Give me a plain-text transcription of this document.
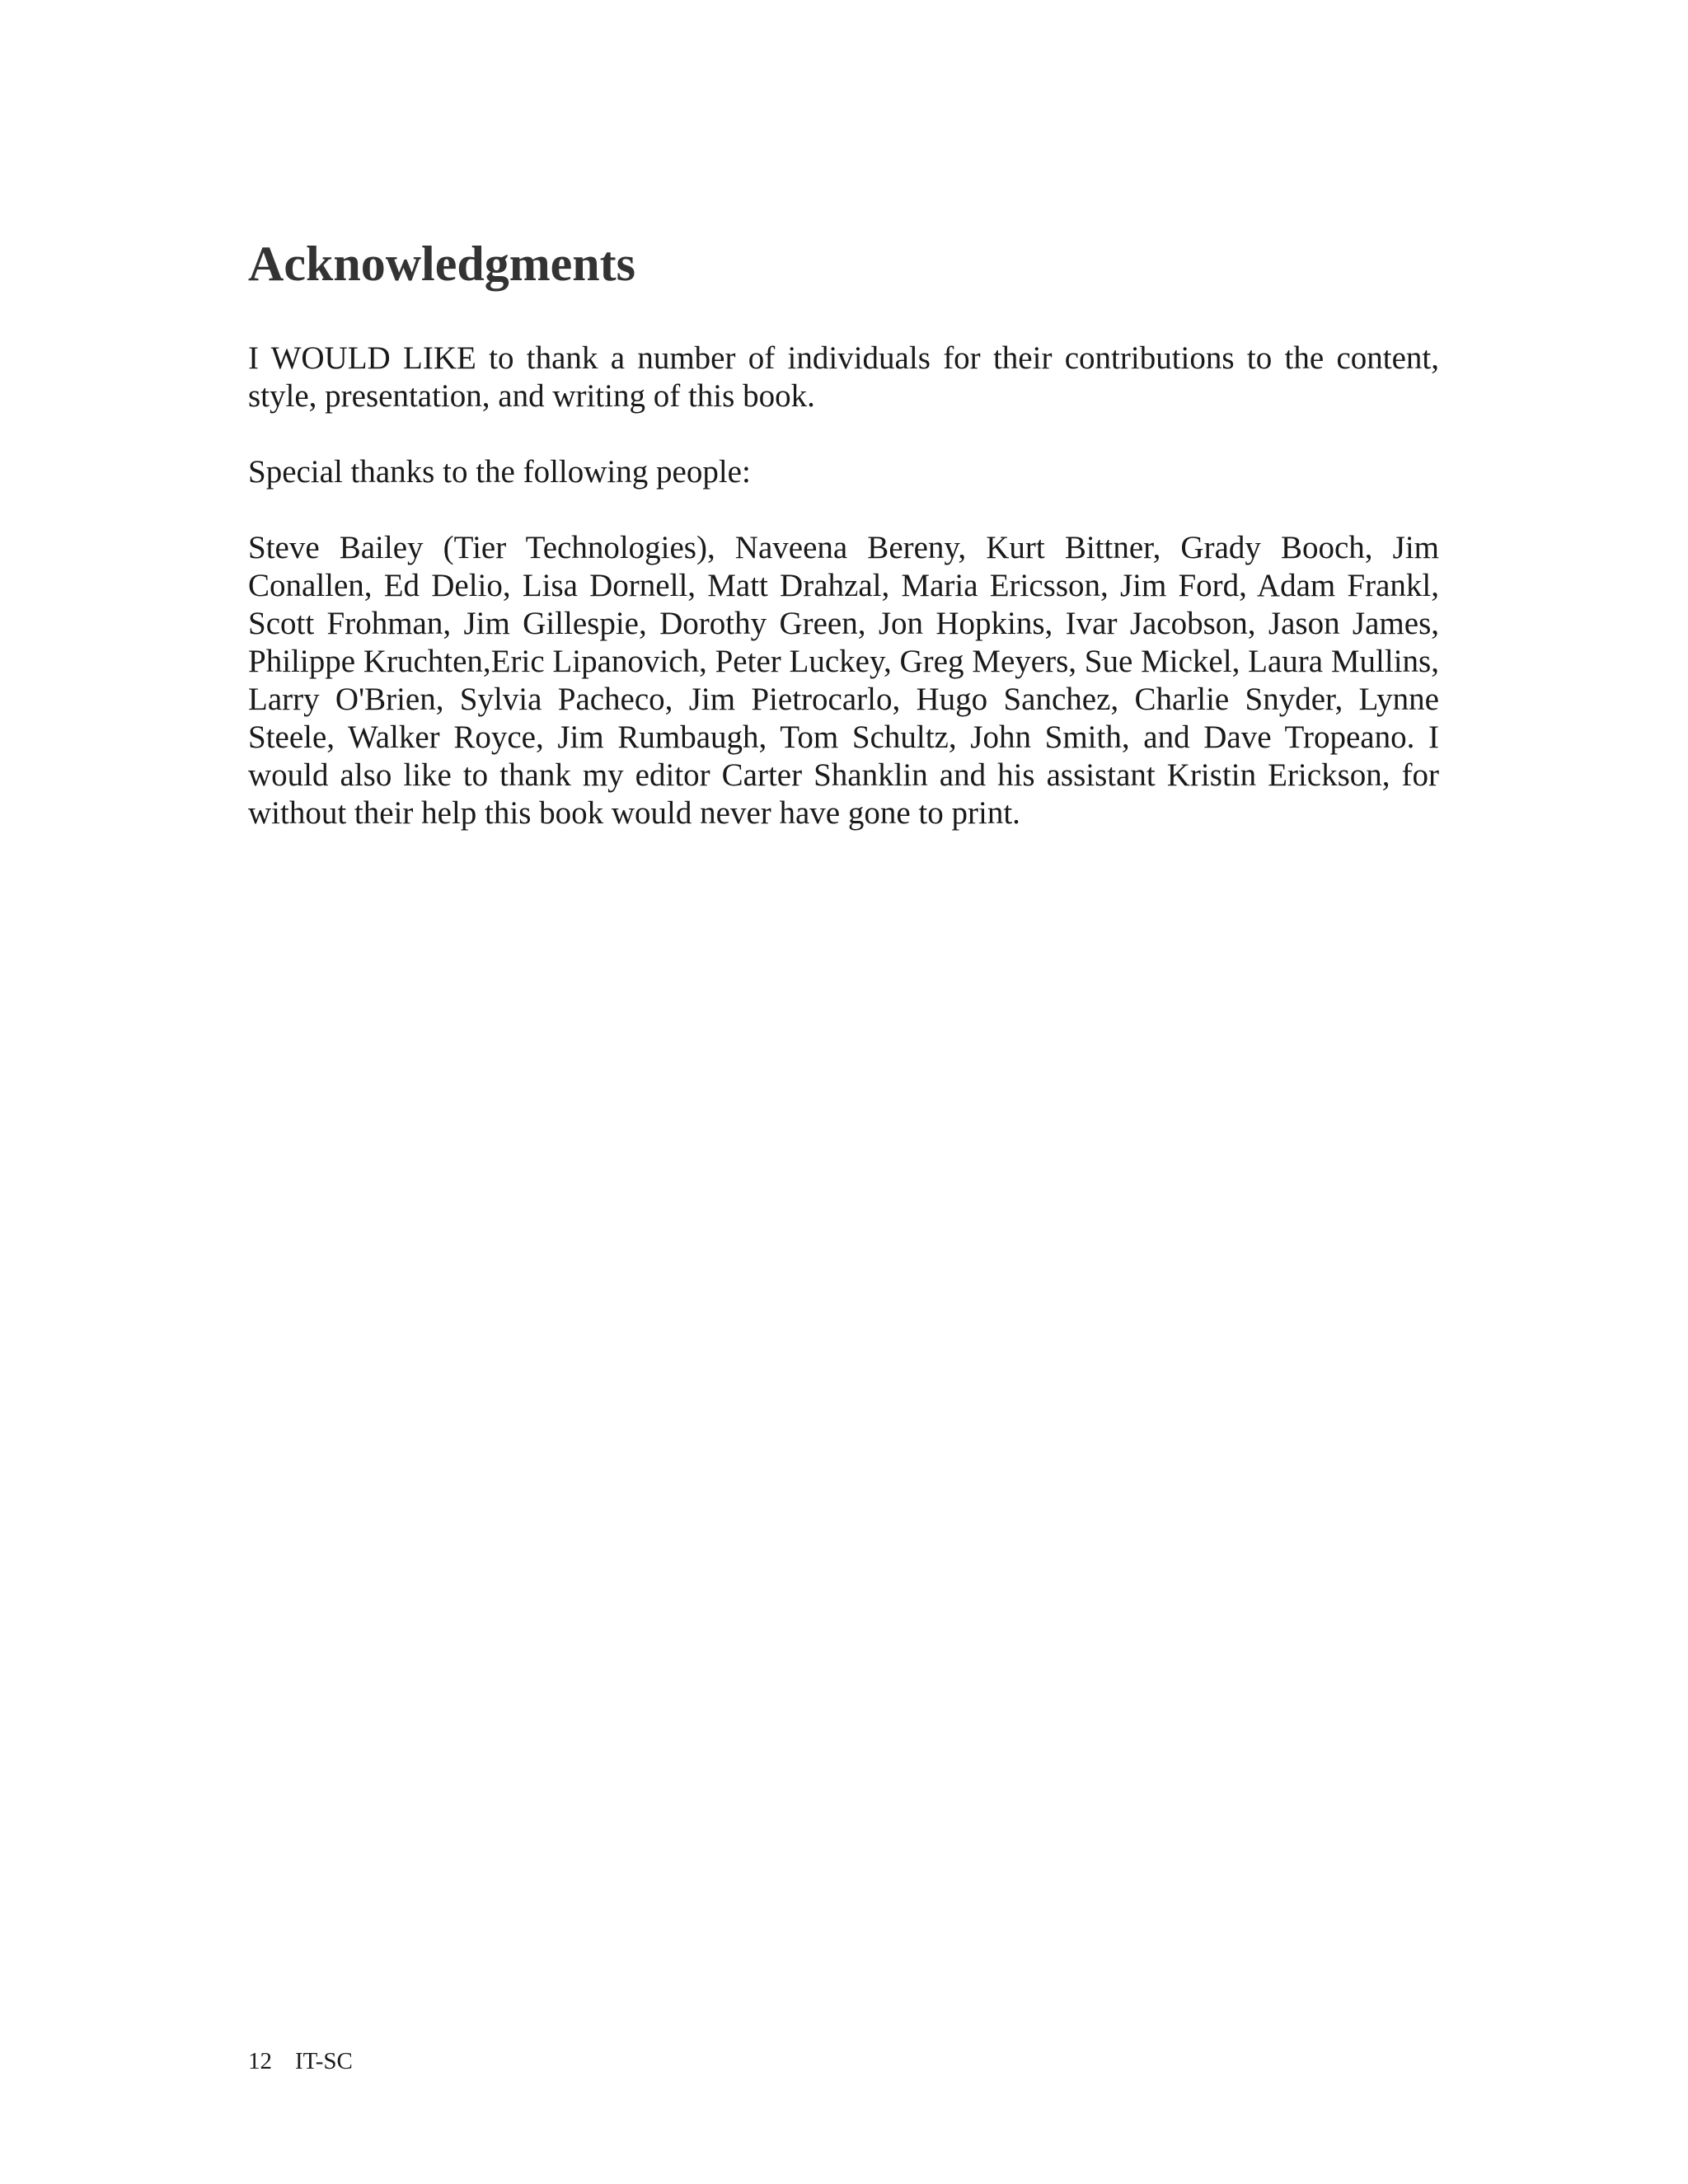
Acknowledgments

I WOULD LIKE to thank a number of individuals for their contributions to the content, style, presentation, and writing of this book.

Special thanks to the following people:

Steve Bailey (Tier Technologies), Naveena Bereny, Kurt Bittner, Grady Booch, Jim Conallen, Ed Delio, Lisa Dornell, Matt Drahzal, Maria Ericsson, Jim Ford, Adam Frankl, Scott Frohman, Jim Gillespie, Dorothy Green, Jon Hopkins, Ivar Jacobson, Jason James, Philippe Kruchten,Eric Lipanovich, Peter Luckey, Greg Meyers, Sue Mickel, Laura Mullins, Larry O'Brien, Sylvia Pacheco, Jim Pietrocarlo, Hugo Sanchez, Charlie Snyder, Lynne Steele, Walker Royce, Jim Rumbaugh, Tom Schultz, John Smith, and Dave Tropeano. I would also like to thank my editor Carter Shanklin and his assistant Kristin Erickson, for without their help this book would never have gone to print.

12 IT-SC
